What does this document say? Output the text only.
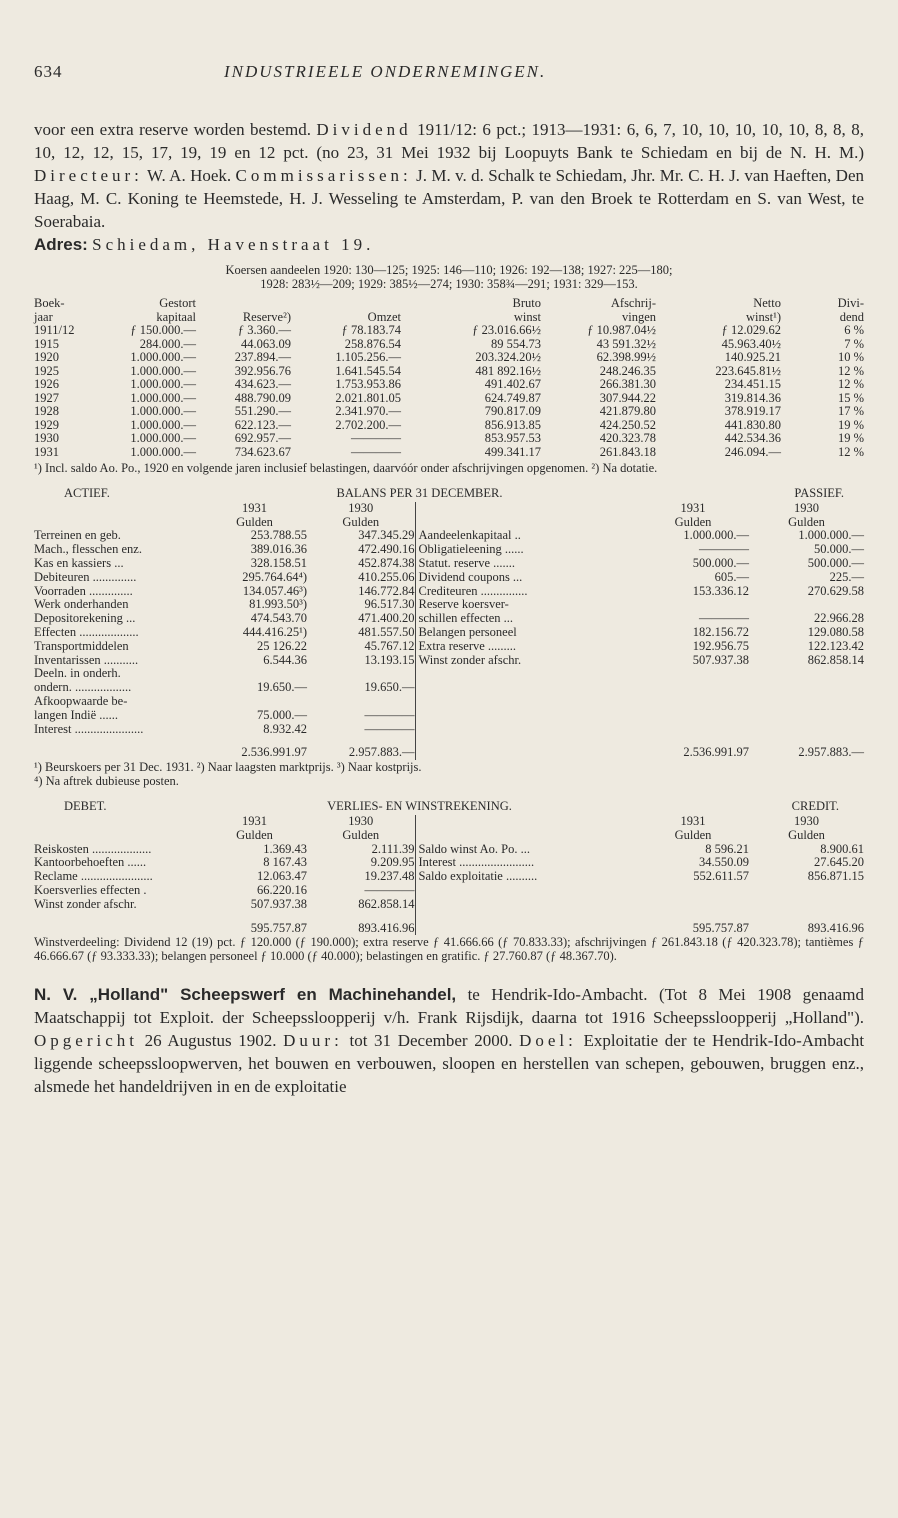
634	INDUSTRIEELE ONDERNEMINGEN.

voor een extra reserve worden bestemd. Dividend 1911/12: 6 pct.; 1913—1931: 6, 6, 7, 10, 10, 10, 10, 10, 8, 8, 8, 10, 12, 12, 15, 17, 19, 19 en 12 pct. (no 23, 31 Mei 1932 bij Loopuyts Bank te Schiedam en bij de N. H. M.) Directeur: W. A. Hoek. Commissarissen: J. M. v. d. Schalk te Schiedam, Jhr. Mr. C. H. J. van Haeften, Den Haag, M. C. Koning te Heemstede, H. J. Wesseling te Amsterdam, P. van den Broek te Rotterdam en S. van West, te Soerabaia.

Adres: Schiedam, Havenstraat 19.

Koersen aandeelen 1920: 130—125; 1925: 146—110; 1926: 192—138; 1927: 225—180;
1928: 283½—209; 1929: 385½—274; 1930: 358¾—291; 1931: 329—153.
Boek-	Gestort			Bruto	Afschrij-	Netto	Divi-
jaar	kapitaal	Reserve²)	Omzet	winst	vingen	winst¹)	dend
1911/12	ƒ 150.000.—	ƒ 3.360.—	ƒ 78.183.74	ƒ 23.016.66½	ƒ 10.987.04½	ƒ 12.029.62	6 %
1915	284.000.—	44.063.09	258.876.54	89 554.73	43 591.32½	45.963.40½	7 %
1920	1.000.000.—	237.894.—	1.105.256.—	203.324.20½	62.398.99½	140.925.21	10 %
1925	1.000.000.—	392.956.76	1.641.545.54	481 892.16½	248.246.35	223.645.81½	12 %
1926	1.000.000.—	434.623.—	1.753.953.86	491.402.67	266.381.30	234.451.15	12 %
1927	1.000.000.—	488.790.09	2.021.801.05	624.749.87	307.944.22	319.814.36	15 %
1928	1.000.000.—	551.290.—	2.341.970.—	790.817.09	421.879.80	378.919.17	17 %
1929	1.000.000.—	622.123.—	2.702.200.—	856.913.85	424.250.52	441.830.80	19 %
1930	1.000.000.—	692.957.—	————	853.957.53	420.323.78	442.534.36	19 %
1931	1.000.000.—	734.623.67	————	499.341.17	261.843.18	246.094.—	12 %
¹) Incl. saldo Ao. Po., 1920 en volgende jaren inclusief belastingen, daarvóór onder afschrijvingen opgenomen. ²) Na dotatie.
ACTIEF.	BALANS PER 31 DECEMBER.				PASSIEF.
	1931	1930		1931	1930
	Gulden	Gulden		Gulden	Gulden
Terreinen en geb.	253.788.55	347.345.29	Aandeelenkapitaal ..	1.000.000.—	1.000.000.—
Mach., flesschen enz.	389.016.36	472.490.16	Obligatieleening ......	————	50.000.—
Kas en kassiers ...	328.158.51	452.874.38	Statut. reserve .......	500.000.—	500.000.—
Debiteuren ..............	295.764.64⁴)	410.255.06	Dividend coupons ...	605.—	225.—
Voorraden ..............	134.057.46³)	146.772.84	Crediteuren ...............	153.336.12	270.629.58
Werk onderhanden	81.993.50³)	96.517.30	Reserve koersver-		
Depositorekening ...	474.543.70	471.400.20	schillen effecten ...	————	22.966.28
Effecten ...................	444.416.25¹)	481.557.50	Belangen personeel	182.156.72	129.080.58
Transportmiddelen	25 126.22	45.767.12	Extra reserve .........	192.956.75	122.123.42
Inventarissen ...........	6.544.36	13.193.15	Winst zonder afschr.	507.937.38	862.858.14
Deeln. in onderh.					
ondern. ..................	19.650.—	19.650.—			
Afkoopwaarde be-					
langen Indië ......	75.000.—	————			
Interest ......................	8.932.42	————			
	2.536.991.97	2.957.883.—		2.536.991.97	2.957.883.—
¹) Beurskoers per 31 Dec. 1931. ²) Naar laagsten marktprijs. ³) Naar kostprijs.
⁴) Na aftrek dubieuse posten.
DEBET.	VERLIES- EN WINSTREKENING.				CREDIT.
	1931	1930		1931	1930
	Gulden	Gulden		Gulden	Gulden
Reiskosten ...................	1.369.43	2.111.39	Saldo winst Ao. Po. ...	8 596.21	8.900.61
Kantoorbehoeften ......	8 167.43	9.209.95	Interest ........................	34.550.09	27.645.20
Reclame .......................	12.063.47	19.237.48	Saldo exploitatie ..........	552.611.57	856.871.15
Koersverlies effecten .	66.220.16	————			
Winst zonder afschr.	507.937.38	862.858.14			
	595.757.87	893.416.96		595.757.87	893.416.96
Winstverdeeling: Dividend 12 (19) pct. ƒ 120.000 (ƒ 190.000); extra reserve ƒ 41.666.66 (ƒ 70.833.33); afschrijvingen ƒ 261.843.18 (ƒ 420.323.78); tantièmes ƒ 46.666.67 (ƒ 93.333.33); belangen personeel ƒ 10.000 (ƒ 40.000); belastingen en gratific. ƒ 27.760.87 (ƒ 48.367.70).

N. V. „Holland" Scheepswerf en Machinehandel, te Hendrik-Ido-Ambacht. (Tot 8 Mei 1908 genaamd Maatschappij tot Exploit. der Scheepssloopperij v/h. Frank Rijsdijk, daarna tot 1916 Scheepssloopperij „Holland"). Opgericht 26 Augustus 1902. Duur: tot 31 December 2000. Doel: Exploitatie der te Hendrik-Ido-Ambacht liggende scheepssloopwerven, het bouwen en verbouwen, sloopen en herstellen van schepen, gebouwen, bruggen enz., alsmede het handeldrijven in en de exploitatie
